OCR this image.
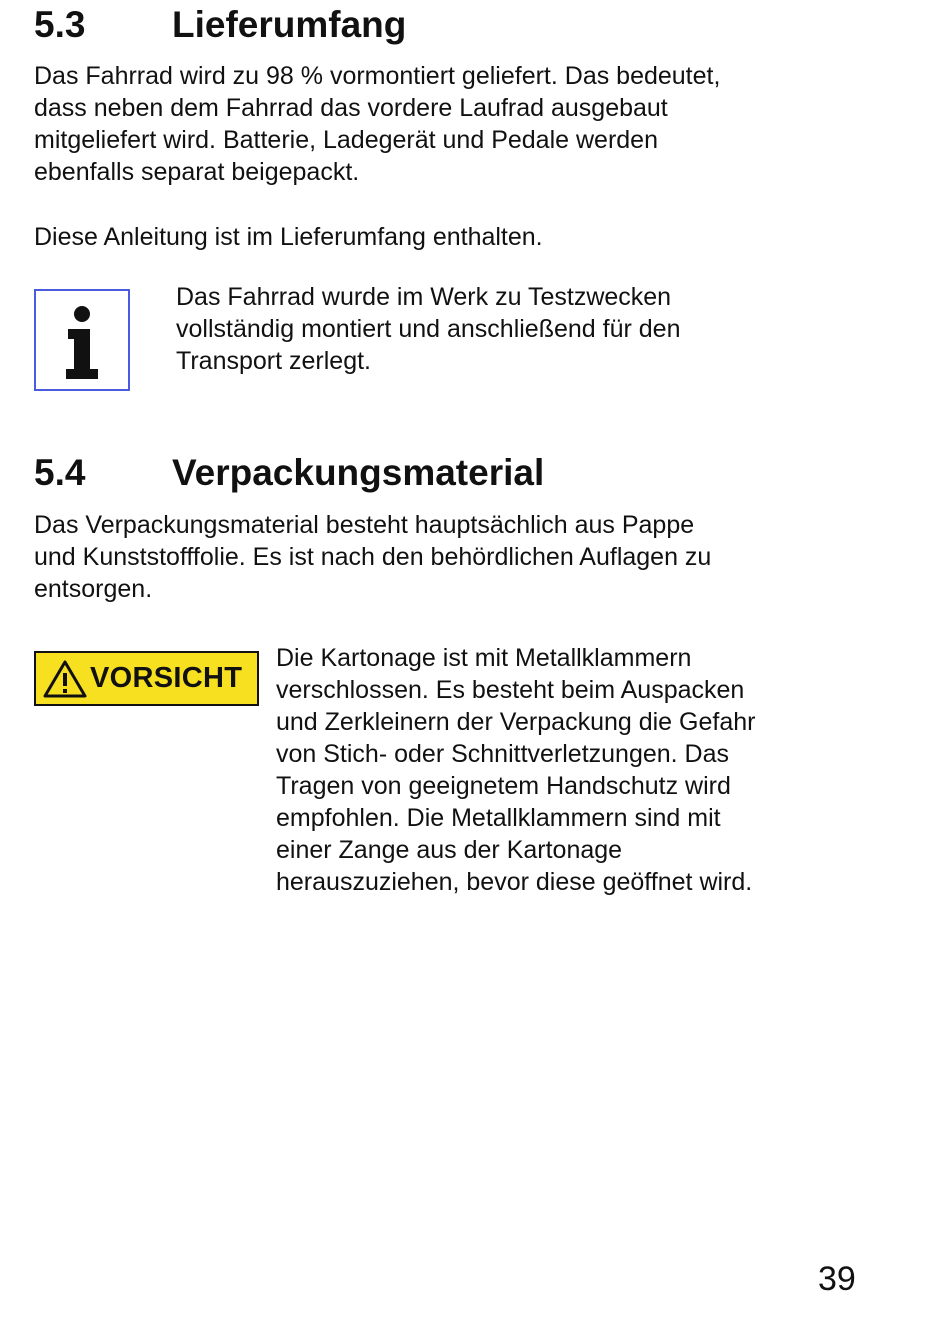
5.3 Lieferumfang
Das Fahrrad wird zu 98 % vormontiert geliefert. Das bedeutet,
dass neben dem Fahrrad das vordere Laufrad ausgebaut
mitgeliefert wird. Batterie, Ladegerät und Pedale werden
ebenfalls separat beigepackt.
Diese Anleitung ist im Lieferumfang enthalten.
Das Fahrrad wurde im Werk zu Testzwecken
vollständig montiert und anschließend für den
Transport zerlegt.
5.4 Verpackungsmaterial
Das Verpackungsmaterial besteht hauptsächlich aus Pappe
und Kunststofffolie. Es ist nach den behördlichen Auflagen zu
entsorgen.
VORSICHT
Die Kartonage ist mit Metallklammern
verschlossen. Es besteht beim Auspacken
und Zerkleinern der Verpackung die Gefahr
von Stich- oder Schnittverletzungen. Das
Tragen von geeignetem Handschutz wird
empfohlen. Die Metallklammern sind mit
einer Zange aus der Kartonage
herauszuziehen, bevor diese geöffnet wird.
39
